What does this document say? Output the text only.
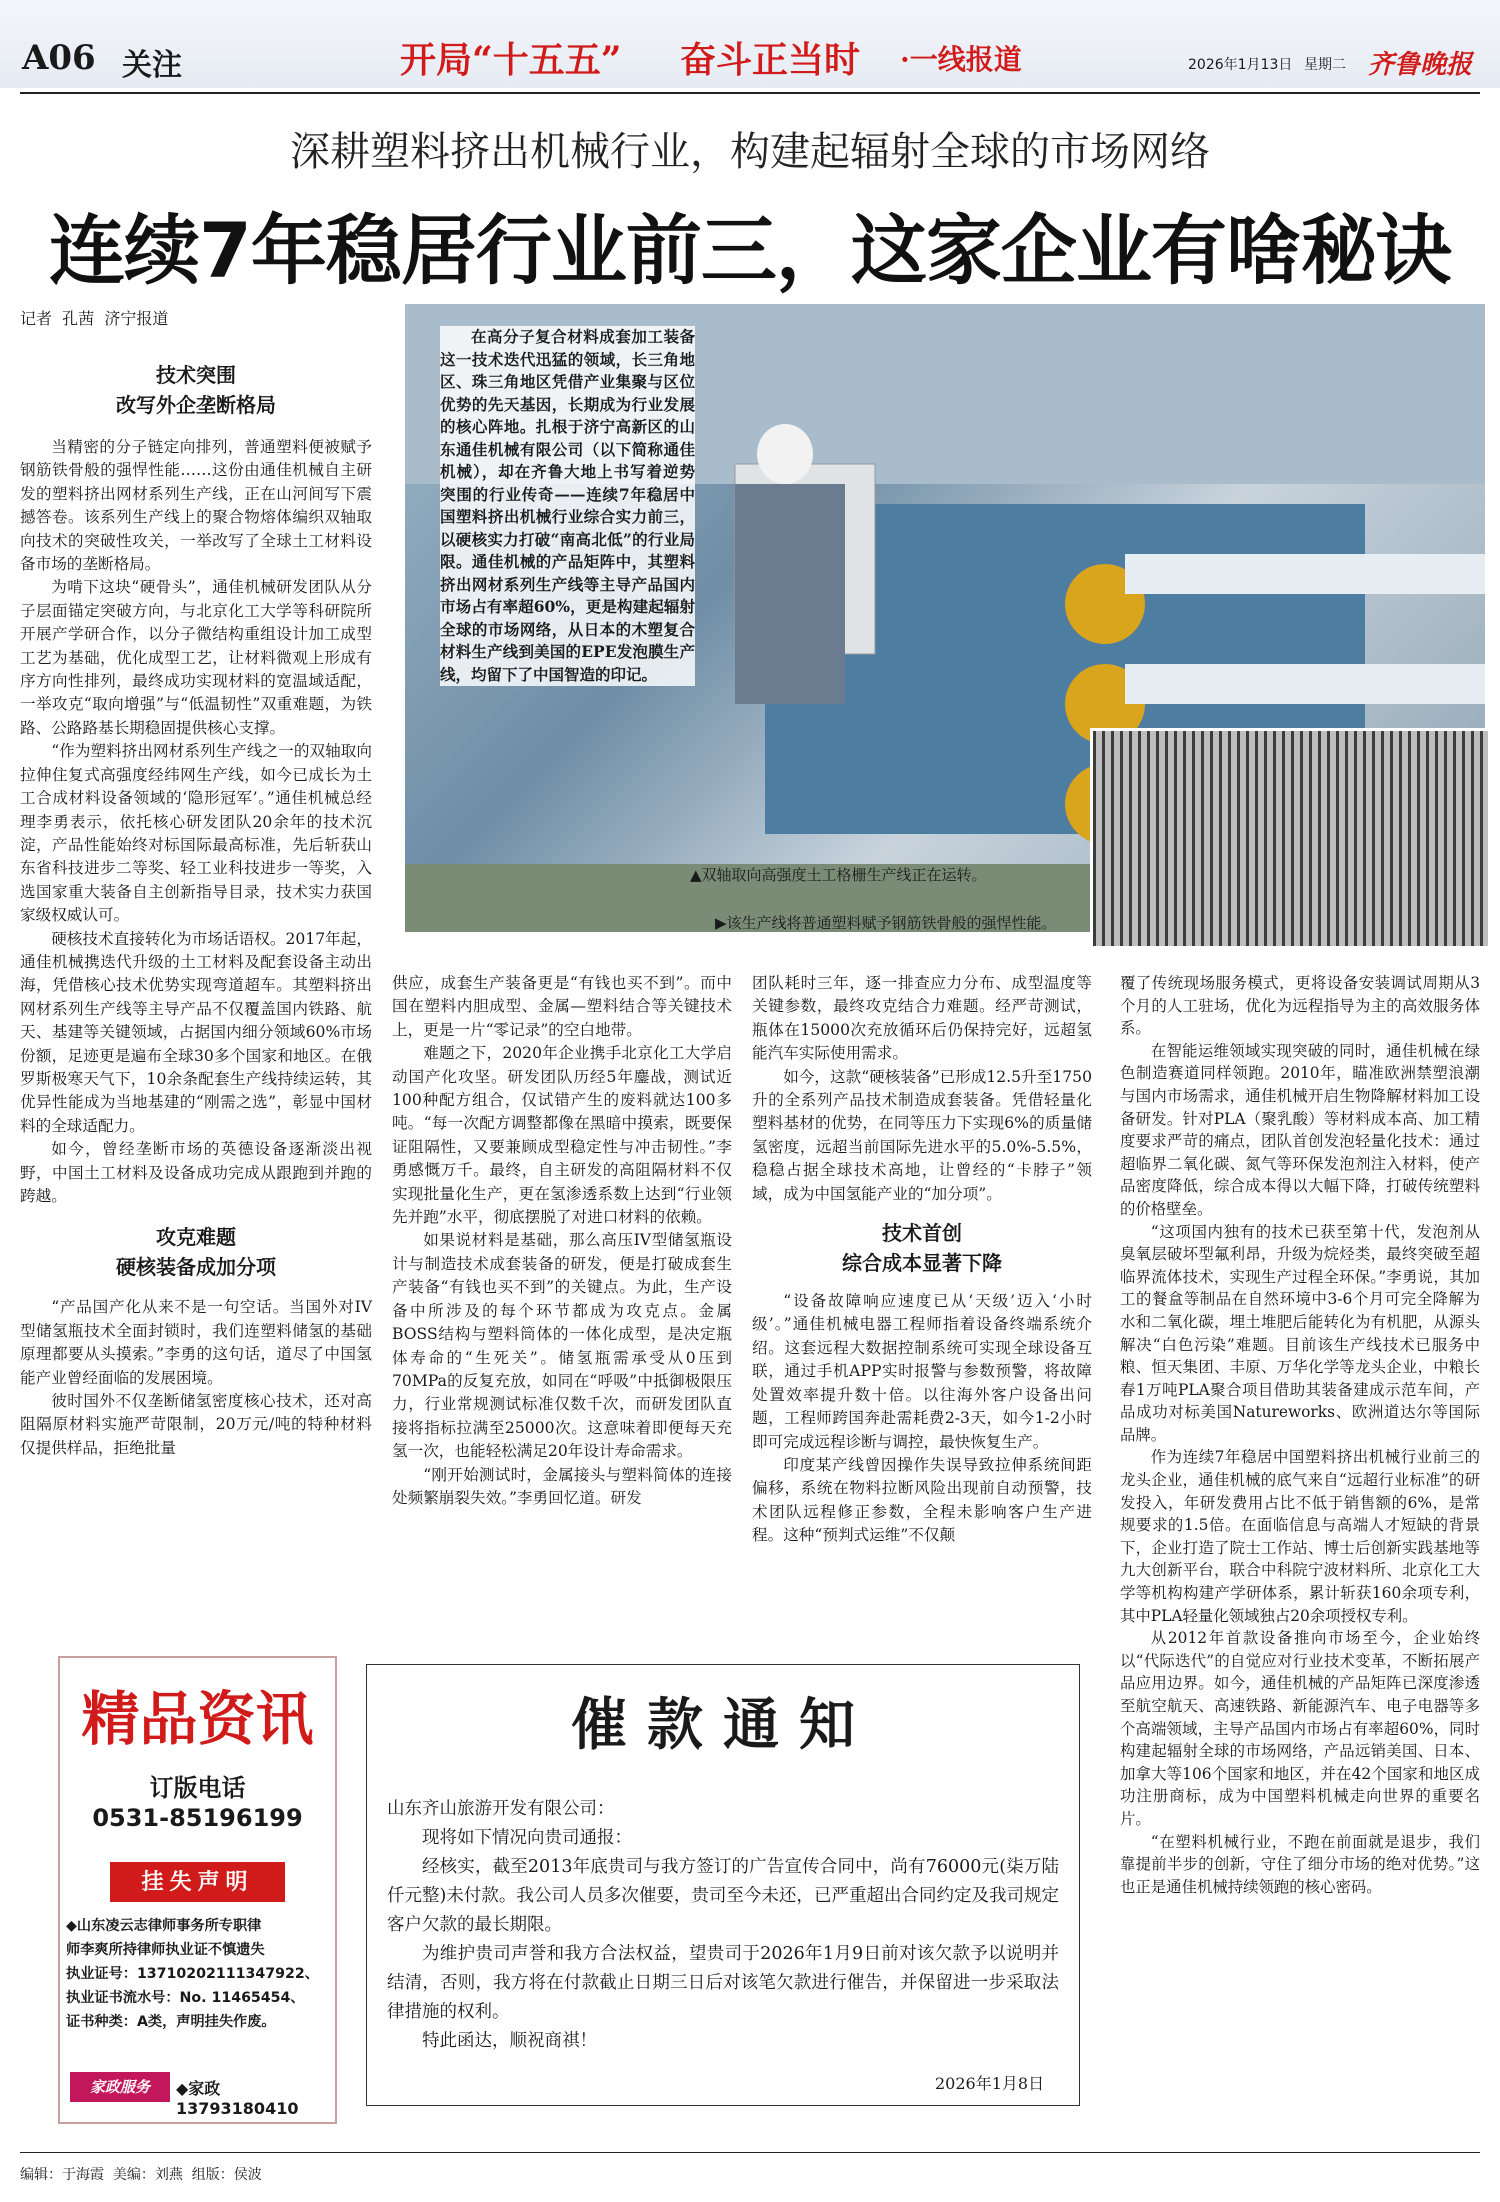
A06 关注	开局“十五五” 奋斗正当时 ·一线报道	2026年1月13日 星期二 齐鲁晚报
深耕塑料挤出机械行业，构建起辐射全球的市场网络
连续7年稳居行业前三，这家企业有啥秘诀
记者  孔茜  济宁报道

在高分子复合材料成套加工装备这一技术迭代迅猛的领域，长三角地区、珠三角地区凭借产业集聚与区位优势的先天基因，长期成为行业发展的核心阵地。扎根于济宁高新区的山东通佳机械有限公司（以下简称通佳机械），却在齐鲁大地上书写着逆势突围的行业传奇——连续7年稳居中国塑料挤出机械行业综合实力前三，以硬核实力打破“南高北低”的行业局限。通佳机械的产品矩阵中，其塑料挤出网材系列生产线等主导产品国内市场占有率超60%，更是构建起辐射全球的市场网络，从日本的木塑复合材料生产线到美国的EPE发泡膜生产线，均留下了中国智造的印记。

▲双轴取向高强度土工格栅生产线正在运转。
▶该生产线将普通塑料赋予钢筋铁骨般的强悍性能。
技术突围
改写外企垄断格局

当精密的分子链定向排列，普通塑料便被赋予钢筋铁骨般的强悍性能……这份由通佳机械自主研发的塑料挤出网材系列生产线，正在山河间写下震撼答卷。该系列生产线上的聚合物熔体编织双轴取向技术的突破性攻关，一举改写了全球土工材料设备市场的垄断格局。

为啃下这块“硬骨头”，通佳机械研发团队从分子层面锚定突破方向，与北京化工大学等科研院所开展产学研合作，以分子微结构重组设计加工成型工艺为基础，优化成型工艺，让材料微观上形成有序方向性排列，最终成功实现材料的宽温域适配，一举攻克“取向增强”与“低温韧性”双重难题，为铁路、公路路基长期稳固提供核心支撑。

“作为塑料挤出网材系列生产线之一的双轴取向拉伸住复式高强度经纬网生产线，如今已成长为土工合成材料设备领域的‘隐形冠军’。”通佳机械总经理李勇表示，依托核心研发团队20余年的技术沉淀，产品性能始终对标国际最高标准，先后斩获山东省科技进步二等奖、轻工业科技进步一等奖，入选国家重大装备自主创新指导目录，技术实力获国家级权威认可。

硬核技术直接转化为市场话语权。2017年起，通佳机械携迭代升级的土工材料及配套设备主动出海，凭借核心技术优势实现弯道超车。其塑料挤出网材系列生产线等主导产品不仅覆盖国内铁路、航天、基建等关键领域，占据国内细分领域60%市场份额，足迹更是遍布全球30多个国家和地区。在俄罗斯极寒天气下，10余条配套生产线持续运转，其优异性能成为当地基建的“刚需之选”，彰显中国材料的全球适配力。

如今，曾经垄断市场的英德设备逐渐淡出视野，中国土工材料及设备成功完成从跟跑到并跑的跨越。

攻克难题
硬核装备成加分项

“产品国产化从来不是一句空话。当国外对IV型储氢瓶技术全面封锁时，我们连塑料储氢的基础原理都要从头摸索。”李勇的这句话，道尽了中国氢能产业曾经面临的发展困境。

彼时国外不仅垄断储氢密度核心技术，还对高阻隔原材料实施严苛限制，20万元/吨的特种材料仅提供样品，拒绝批量

供应，成套生产装备更是“有钱也买不到”。而中国在塑料内胆成型、金属—塑料结合等关键技术上，更是一片“零记录”的空白地带。

难题之下，2020年企业携手北京化工大学启动国产化攻坚。研发团队历经5年鏖战，测试近100种配方组合，仅试错产生的废料就达100多吨。“每一次配方调整都像在黑暗中摸索，既要保证阻隔性，又要兼顾成型稳定性与冲击韧性。”李勇感慨万千。最终，自主研发的高阻隔材料不仅实现批量化生产，更在氢渗透系数上达到“行业领先并跑”水平，彻底摆脱了对进口材料的依赖。

如果说材料是基础，那么高压IV型储氢瓶设计与制造技术成套装备的研发，便是打破成套生产装备“有钱也买不到”的关键点。为此，生产设备中所涉及的每个环节都成为攻克点。金属BOSS结构与塑料筒体的一体化成型，是决定瓶体寿命的“生死关”。储氢瓶需承受从0压到70MPa的反复充放，如同在“呼吸”中抵御极限压力，行业常规测试标准仅数千次，而研发团队直接将指标拉满至25000次。这意味着即便每天充氢一次，也能轻松满足20年设计寿命需求。

“刚开始测试时，金属接头与塑料简体的连接处频繁崩裂失效。”李勇回忆道。研发

团队耗时三年，逐一排查应力分布、成型温度等关键参数，最终攻克结合力难题。经严苛测试，瓶体在15000次充放循环后仍保持完好，远超氢能汽车实际使用需求。

如今，这款“硬核装备”已形成12.5升至1750升的全系列产品技术制造成套装备。凭借轻量化塑料基材的优势，在同等压力下实现6%的质量储氢密度，远超当前国际先进水平的5.0%-5.5%，稳稳占据全球技术高地，让曾经的“卡脖子”领域，成为中国氢能产业的“加分项”。

技术首创
综合成本显著下降

“设备故障响应速度已从‘天级’迈入‘小时级’。”通佳机械电器工程师指着设备终端系统介绍。这套远程大数据控制系统可实现全球设备互联，通过手机APP实时报警与参数预警，将故障处置效率提升数十倍。以往海外客户设备出问题，工程师跨国奔赴需耗费2-3天，如今1-2小时即可完成远程诊断与调控，最快恢复生产。

印度某产线曾因操作失误导致拉伸系统间距偏移，系统在物料拉断风险出现前自动预警，技术团队远程修正参数，全程未影响客户生产进程。这种“预判式运维”不仅颠

覆了传统现场服务模式，更将设备安装调试周期从3个月的人工驻场，优化为远程指导为主的高效服务体系。

在智能运维领域实现突破的同时，通佳机械在绿色制造赛道同样领跑。2010年，瞄准欧洲禁塑浪潮与国内市场需求，通佳机械开启生物降解材料加工设备研发。针对PLA（聚乳酸）等材料成本高、加工精度要求严苛的痛点，团队首创发泡轻量化技术：通过超临界二氧化碳、氮气等环保发泡剂注入材料，使产品密度降低，综合成本得以大幅下降，打破传统塑料的价格壁垒。

“这项国内独有的技术已获至第十代，发泡剂从臭氧层破坏型氟利昂，升级为烷烃类，最终突破至超临界流体技术，实现生产过程全环保。”李勇说，其加工的餐盒等制品在自然环境中3-6个月可完全降解为水和二氧化碳，埋土堆肥后能转化为有机肥，从源头解决“白色污染”难题。目前该生产线技术已服务中粮、恒天集团、丰原、万华化学等龙头企业，中粮长春1万吨PLA聚合项目借助其装备建成示范车间，产品成功对标美国Natureworks、欧洲道达尔等国际品牌。

作为连续7年稳居中国塑料挤出机械行业前三的龙头企业，通佳机械的底气来自“远超行业标准”的研发投入，年研发费用占比不低于销售额的6%，是常规要求的1.5倍。在面临信息与高端人才短缺的背景下，企业打造了院士工作站、博士后创新实践基地等九大创新平台，联合中科院宁波材料所、北京化工大学等机构构建产学研体系，累计斩获160余项专利，其中PLA轻量化领域独占20余项授权专利。

从2012年首款设备推向市场至今，企业始终以“代际迭代”的自觉应对行业技术变革，不断拓展产品应用边界。如今，通佳机械的产品矩阵已深度渗透至航空航天、高速铁路、新能源汽车、电子电器等多个高端领域，主导产品国内市场占有率超60%，同时构建起辐射全球的市场网络，产品远销美国、日本、加拿大等106个国家和地区，并在42个国家和地区成功注册商标，成为中国塑料机械走向世界的重要名片。

“在塑料机械行业，不跑在前面就是退步，我们靠提前半步的创新，守住了细分市场的绝对优势。”这也正是通佳机械持续领跑的核心密码。

精品资讯
订版电话
0531-85196199
挂失声明
◆山东凌云志律师事务所专职律
师李爽所持律师执业证不慎遗失
执业证号：13710202111347922、
执业证书流水号：No. 11465454、
证书种类：A类，声明挂失作废。
家政服务	◆家政13793180410
催款通知
山东齐山旅游开发有限公司：

现将如下情况向贵司通报：

经核实，截至2013年底贵司与我方签订的广告宣传合同中，尚有76000元(柒万陆仟元整)未付款。我公司人员多次催要，贵司至今未还，已严重超出合同约定及我司规定客户欠款的最长期限。

为维护贵司声誉和我方合法权益，望贵司于2026年1月9日前对该欠款予以说明并结清，否则，我方将在付款截止日期三日后对该笔欠款进行催告，并保留进一步采取法律措施的权利。

特此函达，顺祝商祺！

2026年1月8日
编辑：于海霞  美编：刘燕  组版：侯波
